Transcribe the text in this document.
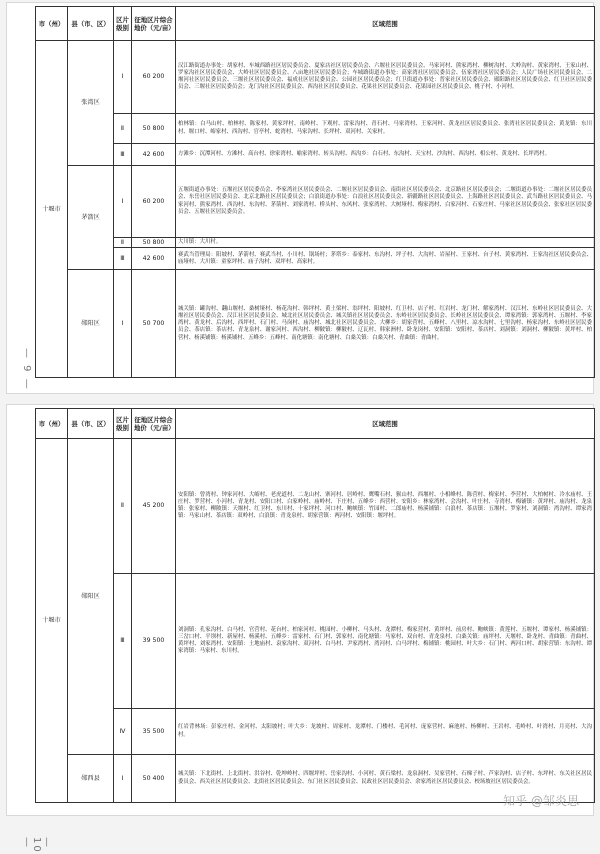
— 9 —
市（州）	县（市、区）	区片级别	征地区片综合地价（元/亩）	区域范围
十堰市	张湾区	Ⅰ	60 200	汉江路街道办事处：胡家村、车城西路社区居民委员会、夏家店社区居民委员会、六堰社区居民委员会、马家河村、熊家湾村、柳树沟村、大岭沟村、黄家湾村、王家山村、罗家沟社区居民委员会、大岭社区居民委员会、八亩地社区居民委员会；车城路街道办事处：高家湾社区居民委员会、伍家湾社区居民委员会；人民广场社区居民委员会、二堰河社区居民委员会、三堰社区居民委员会、福成社区居民委员会、公园社区居民委员会；红卫街道办事处：普家社区居民委员会、郧阳路社区居民委员会、红卫社区居民委员会、三堰社区居民委员会；龙门沟社区居民委员会、西沟社区居民委员会、花果社区居民委员会、花果园社区居民委员会、桃子村、小河村。
		Ⅱ	50 800	柏林镇：白马山村、柏林村、陈家村、黄家坪村、南岭村、下观村、雷家沟村、青石村、马家湾村、王家河村、黄龙社区居民委员会、张湾社区居民委员会；黄龙镇：东川村、堰口村、峪家村、西沟村、官亭村、蛇湾村、马家沟村、长坪村、双河村、关家村。
		Ⅲ	42 600	方滩乡：沉潭河村、方滩村、高台村、徐家湾村、喻家湾村、转头沟村、西沟乡：白石村、东沟村、天宝村、沙沟村、西沟村、相公村、黄龙村、长坪湾村。
	茅箭区	Ⅰ	60 200	五堰街道办事处：五堰社区居民委员会、李家湾社区居民委员会、二堰社区居民委员会、南街社区居民委员会、北京路社区居民委员会；二堰街道办事处：二堰社区居民委员会、东岳社区居民委员会、北京北路社区居民委员会；白浪街道办事处：白浪社区居民委员会、新疆路社区居民委员会、上海路社区居民委员会、武当路社区居民委员会、马家河村、熊家湾村、西沟村、东沟村、茅箭村、刘家湾村、桥头村、东风村、张家湾村、大树垭村、梅家湾村、白家河村、石家庄村、马家社区居民委员会、张家社区居民委员会、五堰社区居民委员会。
		Ⅱ	50 800	大川镇：大川村。
		Ⅲ	42 600	赛武当管理局：阳坡村、茅箭村、赛武当村、小川村、锅场村；茅塔乡：泰家村、东沟村、坪子村、大沟村、岩屋村、王家村、台子村、黄家湾村、王家沟社区居民委员会、庙垭村、大川镇：童家坪村、庙子沟村、双坪村、高家村。
	郧阳区	Ⅰ	50 700	城关镇：罐沟村、翻山堰村、桑树垭村、杨花沟村、韩坪村、黄土梁村、翁坪村、阳坡村、红卫村、店子村、红岩村、龙门村、解家湾村、汉江村、东岭社区居民委员会、大堰社区居民委员会、汉江社区居民委员会、城北社区居民委员会、城关镇社区居民委员会、东岭社区居民委员会、长岭社区居民委员会、谭家湾镇：郭家湾村、五堰村、李家湾村、黄龙村、后沟村、西坪村、石门村、马岗村、庙沟村、城北社区居民委员会、大柳乡：胡家营村、五峰村、八里村、凉水沟村、七里沟村、杨家沟村、东岭社区居民委员会、茶店镇：茶店村、青龙泉村、谢家河村、西沟村、柳陂镇：柳陂村、辽瓦村、韩家洲村、卧龙岗村、安阳镇：安阳村、茶店村、刘洞镇：刘洞村、柳陂镇：黄坪村、柏营村、杨溪铺镇：杨溪铺村、五峰乡：五峰村、南化塘镇：南化塘村、白桑关镇：白桑关村、青曲镇：青曲村。
— 10 —
市（州）	县（市、区）	区片级别	征地区片综合地价（元/亩）	区域范围
十堰市	郧阳区	Ⅱ	45 200	安阳镇：曾湾村、钟家河村、大峪村、老虎道村、二龙山村、寨河村、居岭村、鹰嘴石村、猴山村、西堰村、小相峰村、陈营村、梅家村、李营村、大柏树村、冷水庙村、王庄村、罗营村、小河村、青龙村、安阳口村、白家岭村、庙岭村、下庄村、五峰乡：西营村、安阳乡：林家湾村、会沟村、叶庄村、寺湾村、梅铺镇：黄坪村、庙沟村、龙泉镇：张家村、柳陂镇：天堰村、红卫村、东川村、十家坪村、河口村、鲍峡镇：竹园村、二郎庙村、杨溪铺镇：白浪村、茶店镇：五堰村、罗家村、刘洞镇：湾沟村、谭家湾镇：马家山村、茶店镇：双岭村、白浪镇：青龙泉村、胡家营镇：两河村、安阳镇：堰坪村。
		Ⅲ	39 500	刘洞镇：孔家沟村、白马村、官营村、花台村、柏家河村、桃园村、小柳村、马头村、龙潭村、梅家营村、黄坪村、前房村、鲍峡镇：黄莲村、五堰村、谭家村、杨溪铺镇：三岔口村、平坝村、新屋村、杨溪村、五峰乡：雷家村、石门村、郭家村、南化塘镇：马家村、双台村、青龙泉村、白桑关镇：庙坪村、天堰村、卧龙村、青曲镇：青曲村、黄坪村、刘家湾村、安阳镇：土地庙村、袁家沟村、双河村、白马村、尹家湾村、湾河村、白马坪村、梅铺镇：桃园村、叶大乡：石门村、两河口村、胡家营镇：东沟村、谭家湾镇：马家村、东川村。
		Ⅳ	35 500	红岩背林场：彭家庄村、金河村、太阳坡村；叶大乡：龙坡村、周家村、龙潭村、门楼村、毛河村、庞家营村、麻池村、杨柳村、王岩村、毛岭村、叶湾村、月亮村、大沟村。
	郧西县	Ⅰ	50 400	城关镇：下北街村、上北街村、洪谷村、乾坤岭村、四堰坪村、岳家沟村、小河村、黄石梁村、龙泉洞村、吴家营村、石梯子村、芦家沟村、店子村、东坪村、东关社区居民委员会、西关社区居民委员会、北街社区居民委员会、东门社区居民委员会、民政社区居民委员会、余家湾社区居民委员会、校场坡社区居民委员会。
知乎 @邹炎思
